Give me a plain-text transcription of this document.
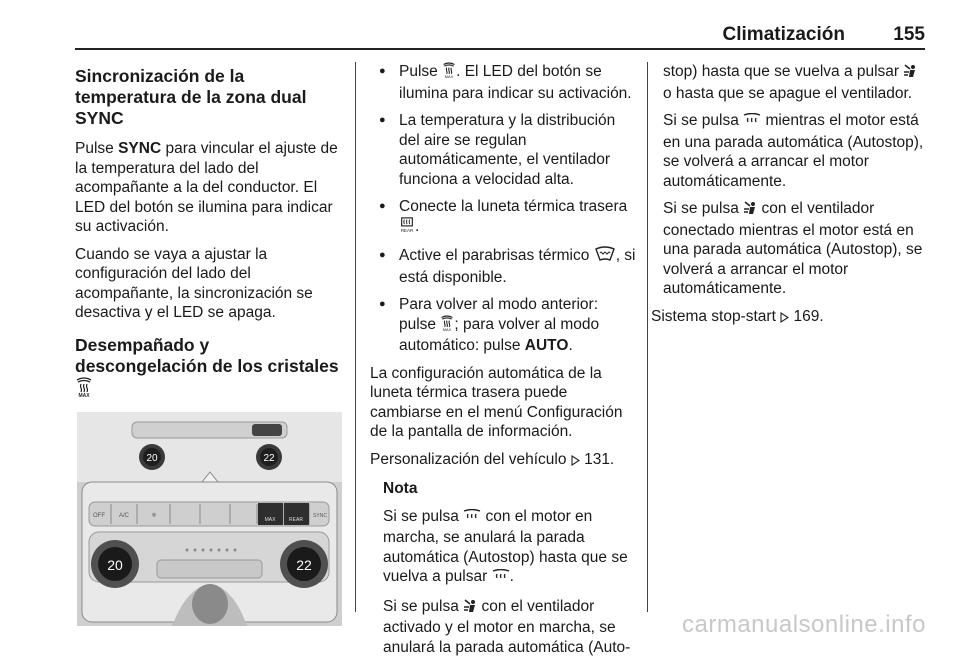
Climatización	155
Sincronización de la temperatura de la zona dual SYNC

Pulse SYNC para vincular el ajuste de la temperatura del lado del acompañante a la del conductor. El LED del botón se ilumina para indicar su activación.

Cuando se vaya a ajustar la configuración del lado del acompañante, la sincronización se desactiva y el LED se apaga.

Desempañado y descongelación de los cristales
MAX
20	22
OFF A/C	❈
MAX	REAR
SYNC
20	22
● Pulse MAX . El LED del botón se ilumina para indicar su activación.
● La temperatura y la distribución del aire se regulan automáticamente, el ventilador funciona a velocidad alta.
● Conecte la luneta térmica trasera
REAR .
● Active el parabrisas térmico , si está disponible.
● Para volver al modo anterior: pulse MAX ; para volver al modo automático: pulse AUTO.

La configuración automática de la luneta térmica trasera puede cambiarse en el menú Configuración de la pantalla de información.

Personalización del vehículo  131.

Nota

Si se pulsa  con el motor en marcha, se anulará la parada automática (Autostop) hasta que se vuelva a pulsar .

Si se pulsa  con el ventilador activado y el motor en marcha, se anulará la parada automática (Auto-

stop) hasta que se vuelva a pulsar  o hasta que se apague el ventilador.

Si se pulsa  mientras el motor está en una parada automática (Autostop), se volverá a arrancar el motor automáticamente.

Si se pulsa  con el ventilador conectado mientras el motor está en una parada automática (Autostop), se volverá a arrancar el motor automáticamente.

Sistema stop-start  169.

carmanualsonline.info
